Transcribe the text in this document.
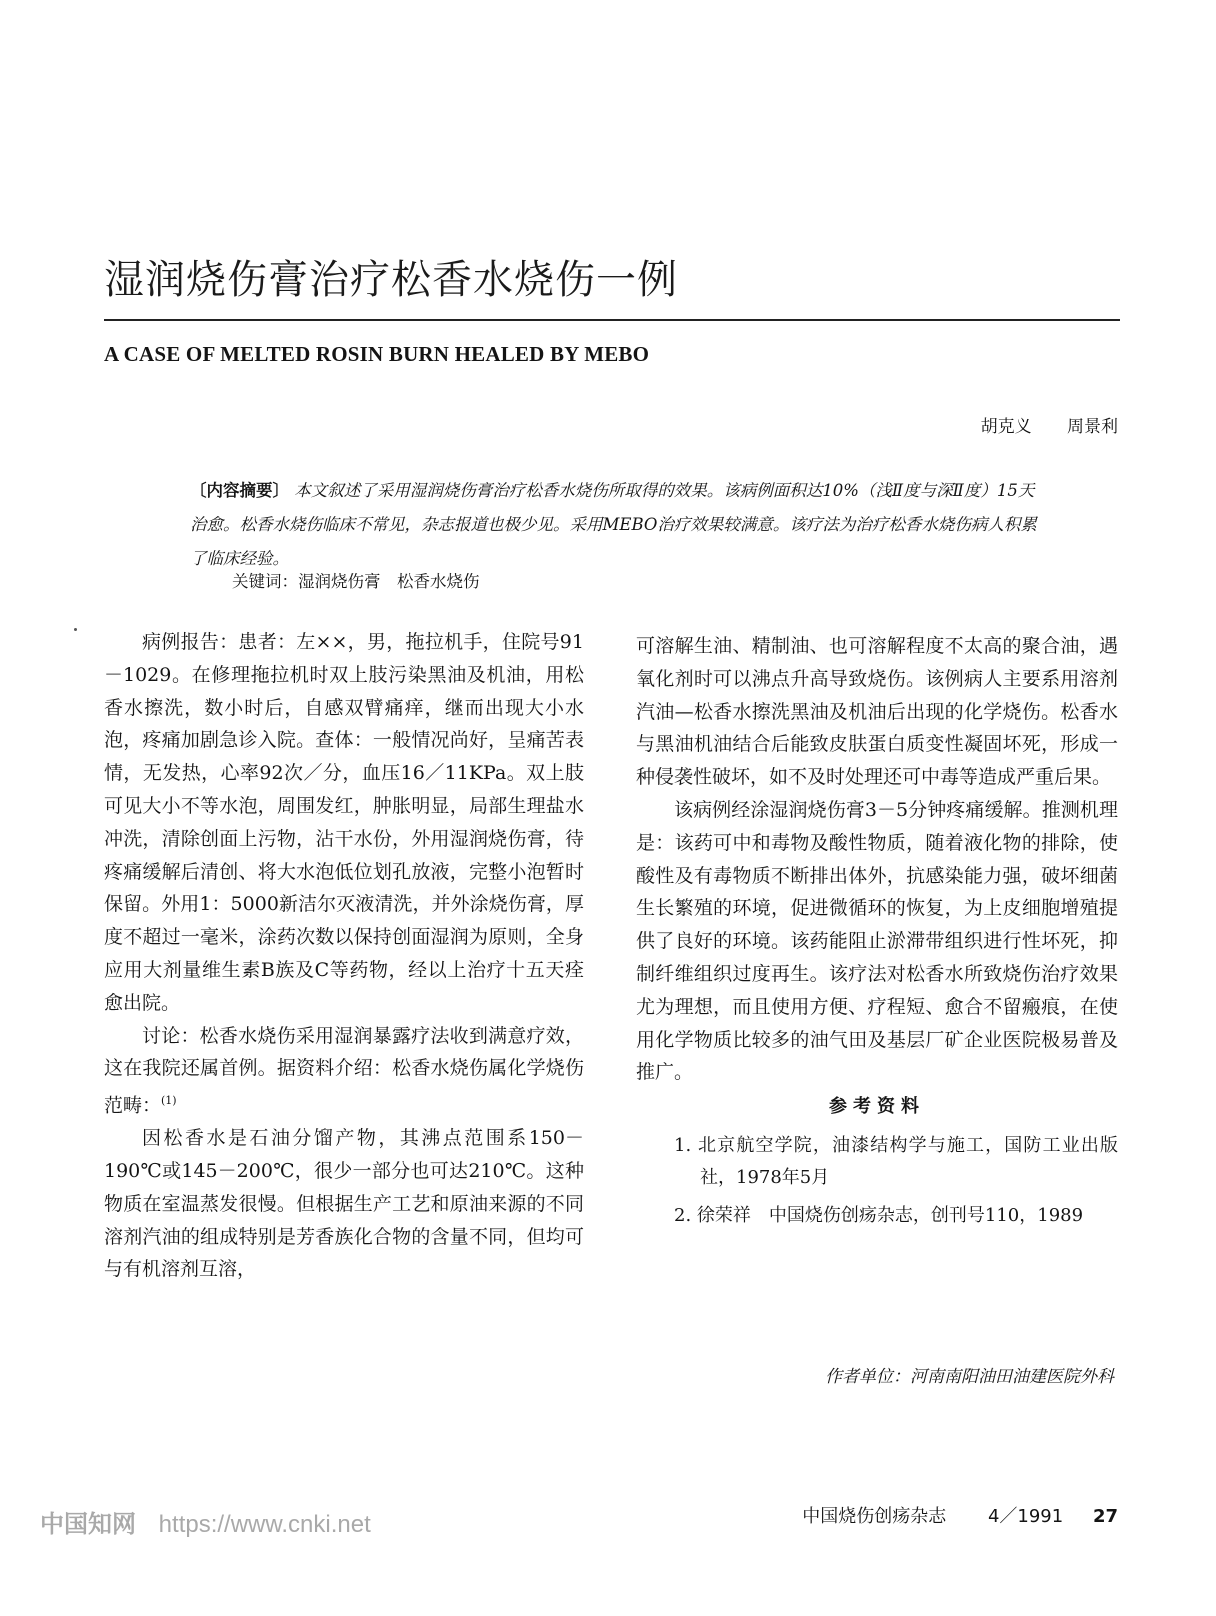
湿润烧伤膏治疗松香水烧伤一例
A CASE OF MELTED ROSIN BURN HEALED BY MEBO
胡克义 周景利
〔内容摘要〕 本文叙述了采用湿润烧伤膏治疗松香水烧伤所取得的效果。该病例面积达10%（浅Ⅱ度与深Ⅱ度）15天治愈。松香水烧伤临床不常见，杂志报道也极少见。采用MEBO治疗效果较满意。该疗法为治疗松香水烧伤病人积累了临床经验。
关键词：湿润烧伤膏　松香水烧伤

病例报告：患者：左××，男，拖拉机手，住院号91－1029。在修理拖拉机时双上肢污染黑油及机油，用松香水擦洗，数小时后，自感双臂痛痒，继而出现大小水泡，疼痛加剧急诊入院。查体：一般情况尚好，呈痛苦表情，无发热，心率92次／分，血压16／11KPa。双上肢可见大小不等水泡，周围发红，肿胀明显，局部生理盐水冲洗，清除创面上污物，沾干水份，外用湿润烧伤膏，待疼痛缓解后清创、将大水泡低位划孔放液，完整小泡暂时保留。外用1：5000新洁尔灭液清洗，并外涂烧伤膏，厚度不超过一毫米，涂药次数以保持创面湿润为原则，全身应用大剂量维生素B族及C等药物，经以上治疗十五天痊愈出院。

讨论：松香水烧伤采用湿润暴露疗法收到满意疗效，这在我院还属首例。据资料介绍：松香水烧伤属化学烧伤范畴：$^{(1)}$

因松香水是石油分馏产物，其沸点范围系150－190℃或145－200℃，很少一部分也可达210℃。这种物质在室温蒸发很慢。但根据生产工艺和原油来源的不同溶剂汽油的组成特别是芳香族化合物的含量不同，但均可与有机溶剂互溶，

可溶解生油、精制油、也可溶解程度不太高的聚合油，遇氧化剂时可以沸点升高导致烧伤。该例病人主要系用溶剂汽油—松香水擦洗黑油及机油后出现的化学烧伤。松香水与黑油机油结合后能致皮肤蛋白质变性凝固坏死，形成一种侵袭性破坏，如不及时处理还可中毒等造成严重后果。

该病例经涂湿润烧伤膏3－5分钟疼痛缓解。推测机理是：该药可中和毒物及酸性物质，随着液化物的排除，使酸性及有毒物质不断排出体外，抗感染能力强，破坏细菌生长繁殖的环境，促进微循环的恢复，为上皮细胞增殖提供了良好的环境。该药能阻止淤滞带组织进行性坏死，抑制纤维组织过度再生。该疗法对松香水所致烧伤治疗效果尤为理想，而且使用方便、疗程短、愈合不留瘢痕，在使用化学物质比较多的油气田及基层厂矿企业医院极易普及推广。

参考资料
1. 北京航空学院，油漆结构学与施工，国防工业出版社，1978年5月
2. 徐荣祥　中国烧伤创疡杂志，创刊号110，1989
作者单位：河南南阳油田油建医院外科
中国知网 https://www.cnki.net	中国烧伤创疡杂志 4／1991 27
